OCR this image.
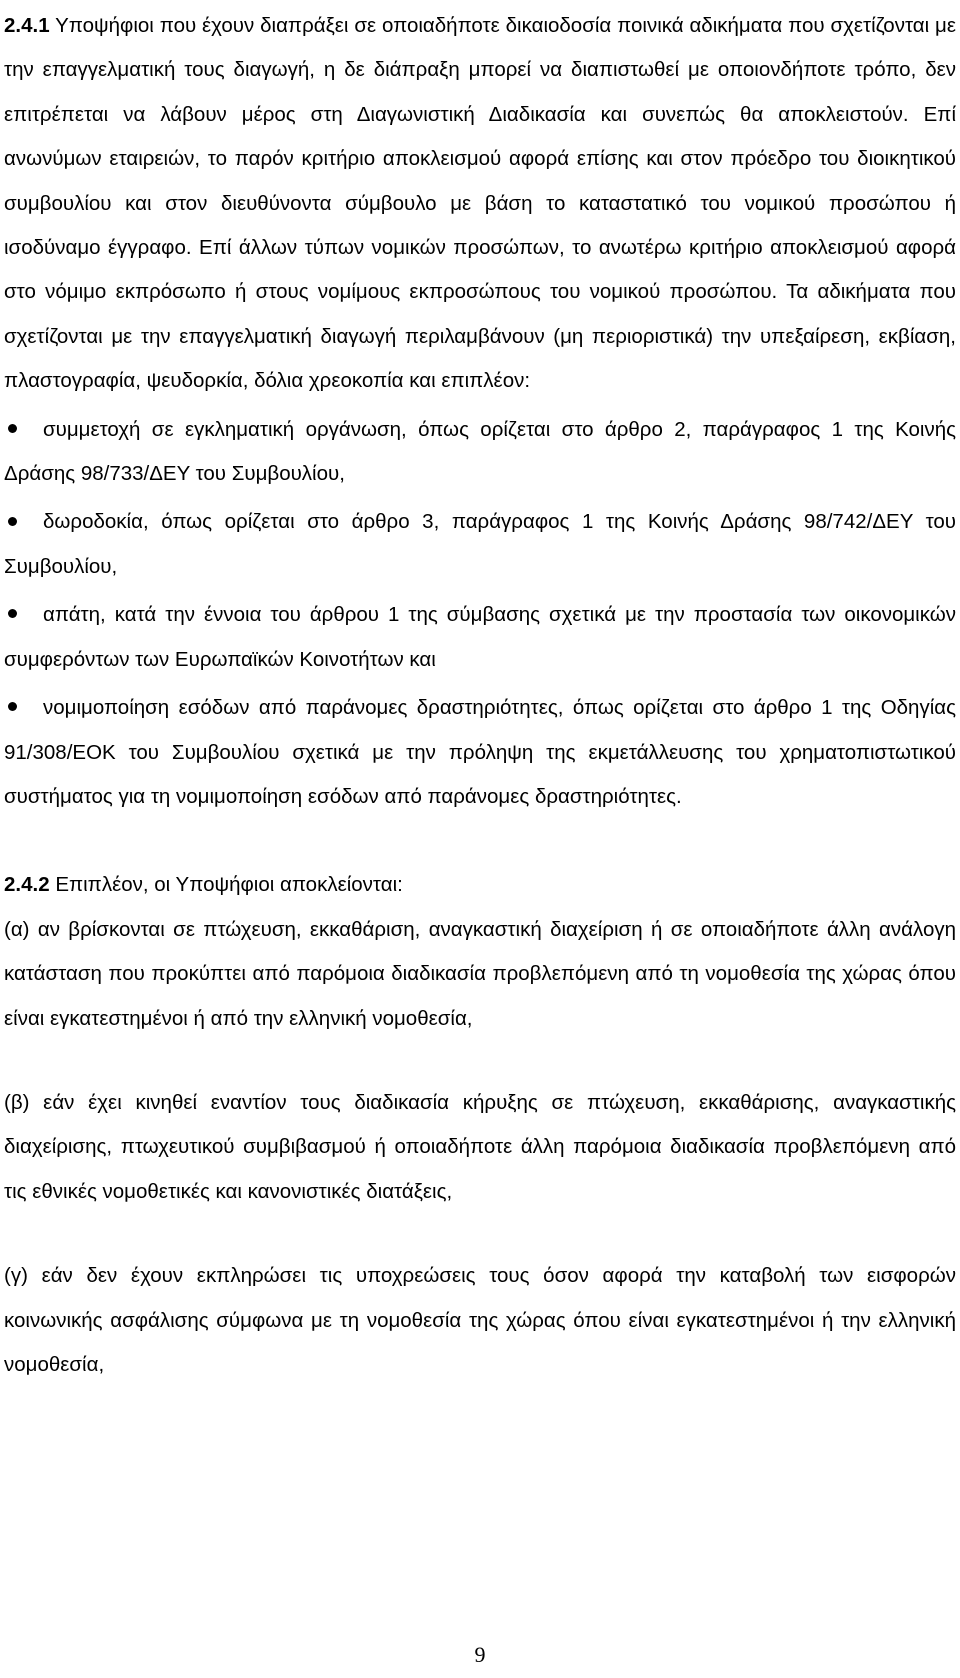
2.4.1 Υποψήφιοι που έχουν διαπράξει σε οποιαδήποτε δικαιοδοσία ποινικά αδικήματα που σχετίζονται με την επαγγελματική τους διαγωγή, η δε διάπραξη μπορεί να διαπιστωθεί με οποιονδήποτε τρόπο, δεν επιτρέπεται να λάβουν μέρος στη Διαγωνιστική Διαδικασία και συνεπώς θα αποκλειστούν. Επί ανωνύμων εταιρειών, το παρόν κριτήριο αποκλεισμού αφορά επίσης και στον πρόεδρο του διοικητικού συμβουλίου και στον διευθύνοντα σύμβουλο με βάση το καταστατικό του νομικού προσώπου ή ισοδύναμο έγγραφο. Επί άλλων τύπων νομικών προσώπων, το ανωτέρω κριτήριο αποκλεισμού αφορά στο νόμιμο εκπρόσωπο ή στους νομίμους εκπροσώπους του νομικού προσώπου. Τα αδικήματα που σχετίζονται με την επαγγελματική διαγωγή περιλαμβάνουν (μη περιοριστικά) την υπεξαίρεση, εκβίαση, πλαστογραφία, ψευδορκία, δόλια χρεοκοπία και επιπλέον:

συμμετοχή σε εγκληματική οργάνωση, όπως ορίζεται στο άρθρο 2, παράγραφος 1 της Κοινής Δράσης 98/733/ΔΕΥ του Συμβουλίου,
δωροδοκία, όπως ορίζεται στο άρθρο 3, παράγραφος 1 της Κοινής Δράσης 98/742/ΔΕΥ του Συμβουλίου,
απάτη, κατά την έννοια του άρθρου 1 της σύμβασης σχετικά με την προστασία των οικονομικών συμφερόντων των Ευρωπαϊκών Κοινοτήτων και
νομιμοποίηση εσόδων από παράνομες δραστηριότητες, όπως ορίζεται στο άρθρο 1 της Οδηγίας 91/308/ΕΟΚ του Συμβουλίου σχετικά με την πρόληψη της εκμετάλλευσης του χρηματοπιστωτικού συστήματος για τη νομιμοποίηση εσόδων από παράνομες δραστηριότητες.

2.4.2 Επιπλέον, οι Υποψήφιοι αποκλείονται:

(α) αν βρίσκονται σε πτώχευση, εκκαθάριση, αναγκαστική διαχείριση ή σε οποιαδήποτε άλλη ανάλογη κατάσταση που προκύπτει από παρόμοια διαδικασία προβλεπόμενη από τη νομοθεσία της χώρας όπου είναι εγκατεστημένοι ή από την ελληνική νομοθεσία,

(β) εάν έχει κινηθεί εναντίον τους διαδικασία κήρυξης σε πτώχευση, εκκαθάρισης, αναγκαστικής διαχείρισης, πτωχευτικού συμβιβασμού ή οποιαδήποτε άλλη παρόμοια διαδικασία προβλεπόμενη από τις εθνικές νομοθετικές και κανονιστικές διατάξεις,

(γ) εάν δεν έχουν εκπληρώσει τις υποχρεώσεις τους όσον αφορά την καταβολή των εισφορών κοινωνικής ασφάλισης σύμφωνα με τη νομοθεσία της χώρας όπου είναι εγκατεστημένοι ή την ελληνική νομοθεσία,

9
